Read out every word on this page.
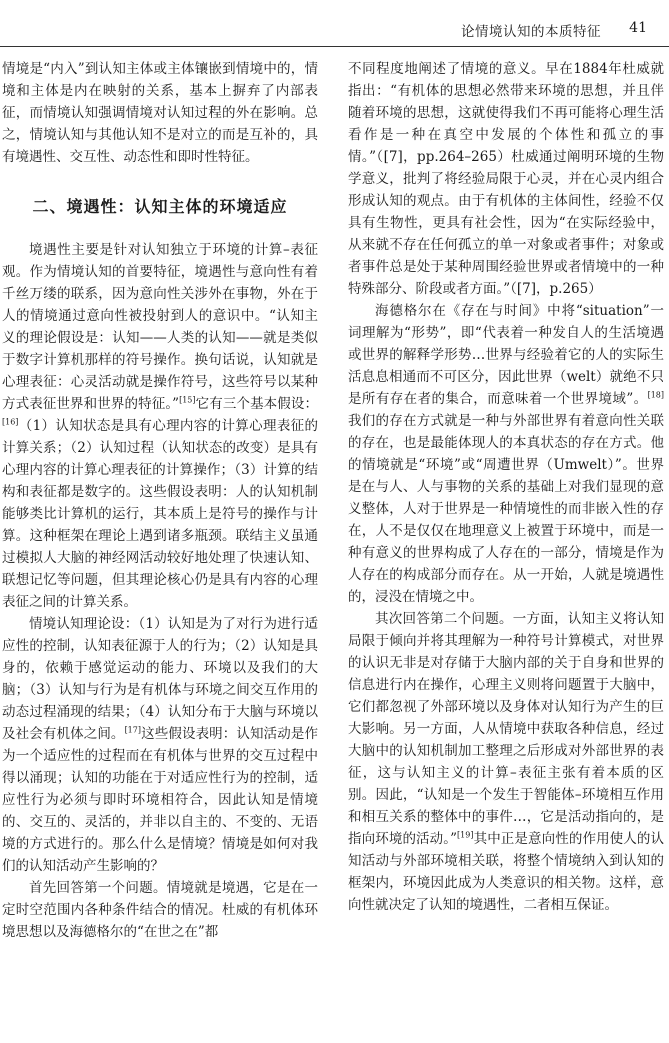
论情境认知的本质特征 41

情境是“内入”到认知主体或主体镶嵌到情境中的，情境和主体是内在映射的关系，基本上摒弃了内部表征，而情境认知强调情境对认知过程的外在影响。总之，情境认知与其他认知不是对立的而是互补的，具有境遇性、交互性、动态性和即时性特征。

二、境遇性：认知主体的环境适应

境遇性主要是针对认知独立于环境的计算–表征观。作为情境认知的首要特征，境遇性与意向性有着千丝万缕的联系，因为意向性关涉外在事物，外在于人的情境通过意向性被投射到人的意识中。“认知主义的理论假设是：认知——人类的认知——就是类似于数字计算机那样的符号操作。换句话说，认知就是心理表征：心灵活动就是操作符号，这些符号以某种方式表征世界和世界的特征。”[15]它有三个基本假设：[16]（1）认知状态是具有心理内容的计算心理表征的计算关系；（2）认知过程（认知状态的改变）是具有心理内容的计算心理表征的计算操作；（3）计算的结构和表征都是数字的。这些假设表明：人的认知机制能够类比计算机的运行，其本质上是符号的操作与计算。这种框架在理论上遇到诸多瓶颈。联结主义虽通过模拟人大脑的神经网活动较好地处理了快速认知、联想记忆等问题，但其理论核心仍是具有内容的心理表征之间的计算关系。

情境认知理论设：（1）认知是为了对行为进行适应性的控制，认知表征源于人的行为；（2）认知是具身的，依赖于感觉运动的能力、环境以及我们的大脑；（3）认知与行为是有机体与环境之间交互作用的动态过程涌现的结果；（4）认知分布于大脑与环境以及社会有机体之间。[17]这些假设表明：认知活动是作为一个适应性的过程而在有机体与世界的交互过程中得以涌现；认知的功能在于对适应性行为的控制，适应性行为必须与即时环境相符合，因此认知是情境的、交互的、灵活的，并非以自主的、不变的、无语境的方式进行的。那么什么是情境？情境是如何对我们的认知活动产生影响的？

首先回答第一个问题。情境就是境遇，它是在一定时空范围内各种条件结合的情况。杜威的有机体环境思想以及海德格尔的“在世之在”都

不同程度地阐述了情境的意义。早在1884年杜威就指出：“有机体的思想必然带来环境的思想，并且伴随着环境的思想，这就使得我们不再可能将心理生活看作是一种在真空中发展的个体性和孤立的事情。”（[7]，pp.264–265）杜威通过阐明环境的生物学意义，批判了将经验局限于心灵，并在心灵内组合形成认知的观点。由于有机体的主体间性，经验不仅具有生物性，更具有社会性，因为“在实际经验中，从来就不存在任何孤立的单一对象或者事件；对象或者事件总是处于某种周围经验世界或者情境中的一种特殊部分、阶段或者方面。”（[7]，p.265）

海德格尔在《存在与时间》中将“situation”一词理解为“形势”，即“代表着一种发自人的生活境遇或世界的解释学形势…世界与经验着它的人的实际生活息息相通而不可区分，因此世界（welt）就绝不只是所有存在者的集合，而意味着一个世界境域”。[18]我们的存在方式就是一种与外部世界有着意向性关联的存在，也是最能体现人的本真状态的存在方式。他的情境就是“环境”或“周遭世界（Umwelt）”。世界是在与人、人与事物的关系的基础上对我们显现的意义整体，人对于世界是一种情境性的而非嵌入性的存在，人不是仅仅在地理意义上被置于环境中，而是一种有意义的世界构成了人存在的一部分，情境是作为人存在的构成部分而存在。从一开始，人就是境遇性的，浸没在情境之中。

其次回答第二个问题。一方面，认知主义将认知局限于倾向并将其理解为一种符号计算模式，对世界的认识无非是对存储于大脑内部的关于自身和世界的信息进行内在操作，心理主义则将问题置于大脑中，它们都忽视了外部环境以及身体对认知行为产生的巨大影响。另一方面，人从情境中获取各种信息，经过大脑中的认知机制加工整理之后形成对外部世界的表征，这与认知主义的计算–表征主张有着本质的区别。因此，“认知是一个发生于智能体–环境相互作用和相互关系的整体中的事件…，它是活动指向的，是指向环境的活动。”[19]其中正是意向性的作用使人的认知活动与外部环境相关联，将整个情境纳入到认知的框架内，环境因此成为人类意识的相关物。这样，意向性就决定了认知的境遇性，二者相互保证。
